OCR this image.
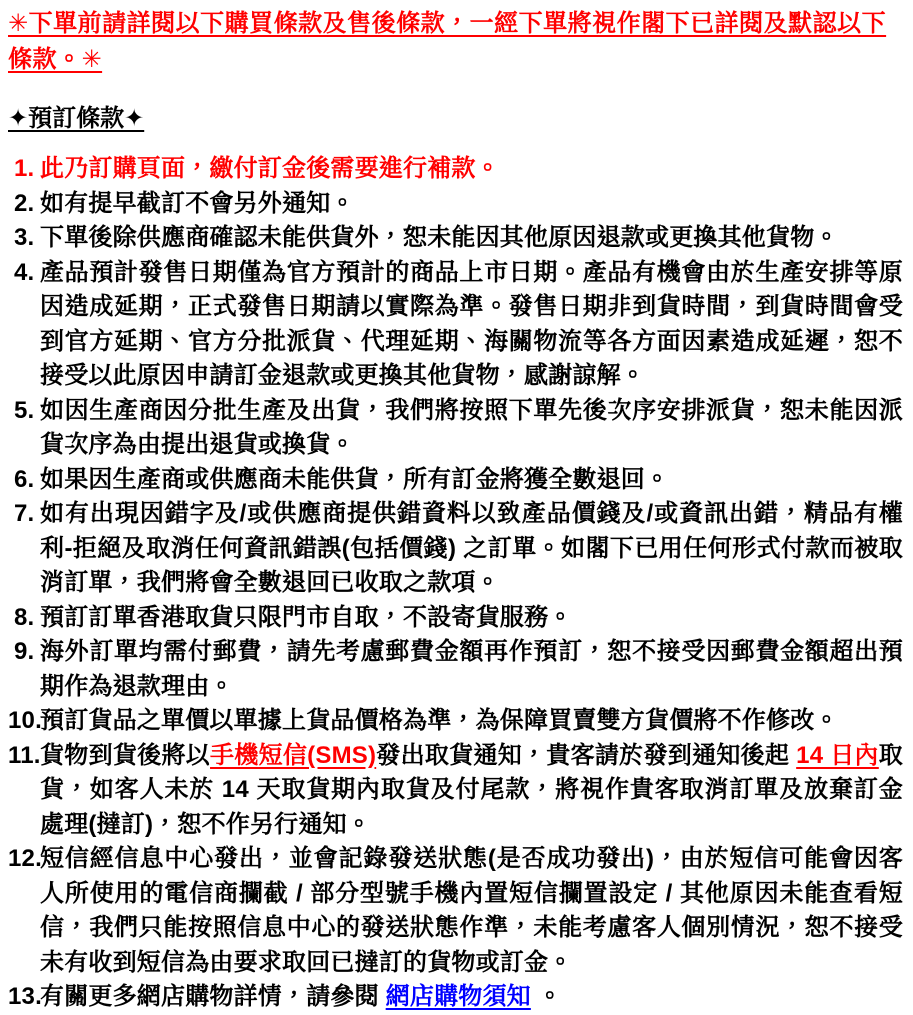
✳下單前請詳閱以下購買條款及售後條款，一經下單將視作閣下已詳閱及默認以下條款。✳

✦預訂條款✦
1. 此乃訂購頁面，繳付訂金後需要進行補款。
2. 如有提早截訂不會另外通知。
3. 下單後除供應商確認未能供貨外，恕未能因其他原因退款或更換其他貨物。
4. 產品預計發售日期僅為官方預計的商品上市日期。產品有機會由於生產安排等原因造成延期，正式發售日期請以實際為準。發售日期非到貨時間，到貨時間會受到官方延期、官方分批派貨、代理延期、海關物流等各方面因素造成延遲，恕不接受以此原因申請訂金退款或更換其他貨物，感謝諒解。
5. 如因生產商因分批生產及出貨，我們將按照下單先後次序安排派貨，恕未能因派貨次序為由提出退貨或換貨。
6. 如果因生產商或供應商未能供貨，所有訂金將獲全數退回。
7. 如有出現因錯字及/或供應商提供錯資料以致產品價錢及/或資訊出錯，精品有權利-拒絕及取消任何資訊錯誤(包括價錢) 之訂單。如閣下已用任何形式付款而被取消訂單，我們將會全數退回已收取之款項。
8. 預訂訂單香港取貨只限門市自取，不設寄貨服務。
9. 海外訂單均需付郵費，請先考慮郵費金額再作預訂，恕不接受因郵費金額超出預期作為退款理由。
10.
預訂貨品之單價以單據上貨品價格為準，為保障買賣雙方貨價將不作修改。
11. 貨物到貨後將以手機短信(SMS)發出取貨通知，貴客請於發到通知後起 14 日內取貨，如客人未於 14 天取貨期內取貨及付尾款，將視作貴客取消訂單及放棄訂金處理(撻訂)，恕不作另行通知。
12.
短信經信息中心發出，並會記錄發送狀態(是否成功發出)，由於短信可能會因客人所使用的電信商攔截 / 部分型號手機內置短信攔置設定 / 其他原因未能查看短信，我們只能按照信息中心的發送狀態作準，未能考慮客人個別情況，恕不接受未有收到短信為由要求取回已撻訂的貨物或訂金。
13.
有關更多網店購物詳情，請參閱 網店購物須知 。
